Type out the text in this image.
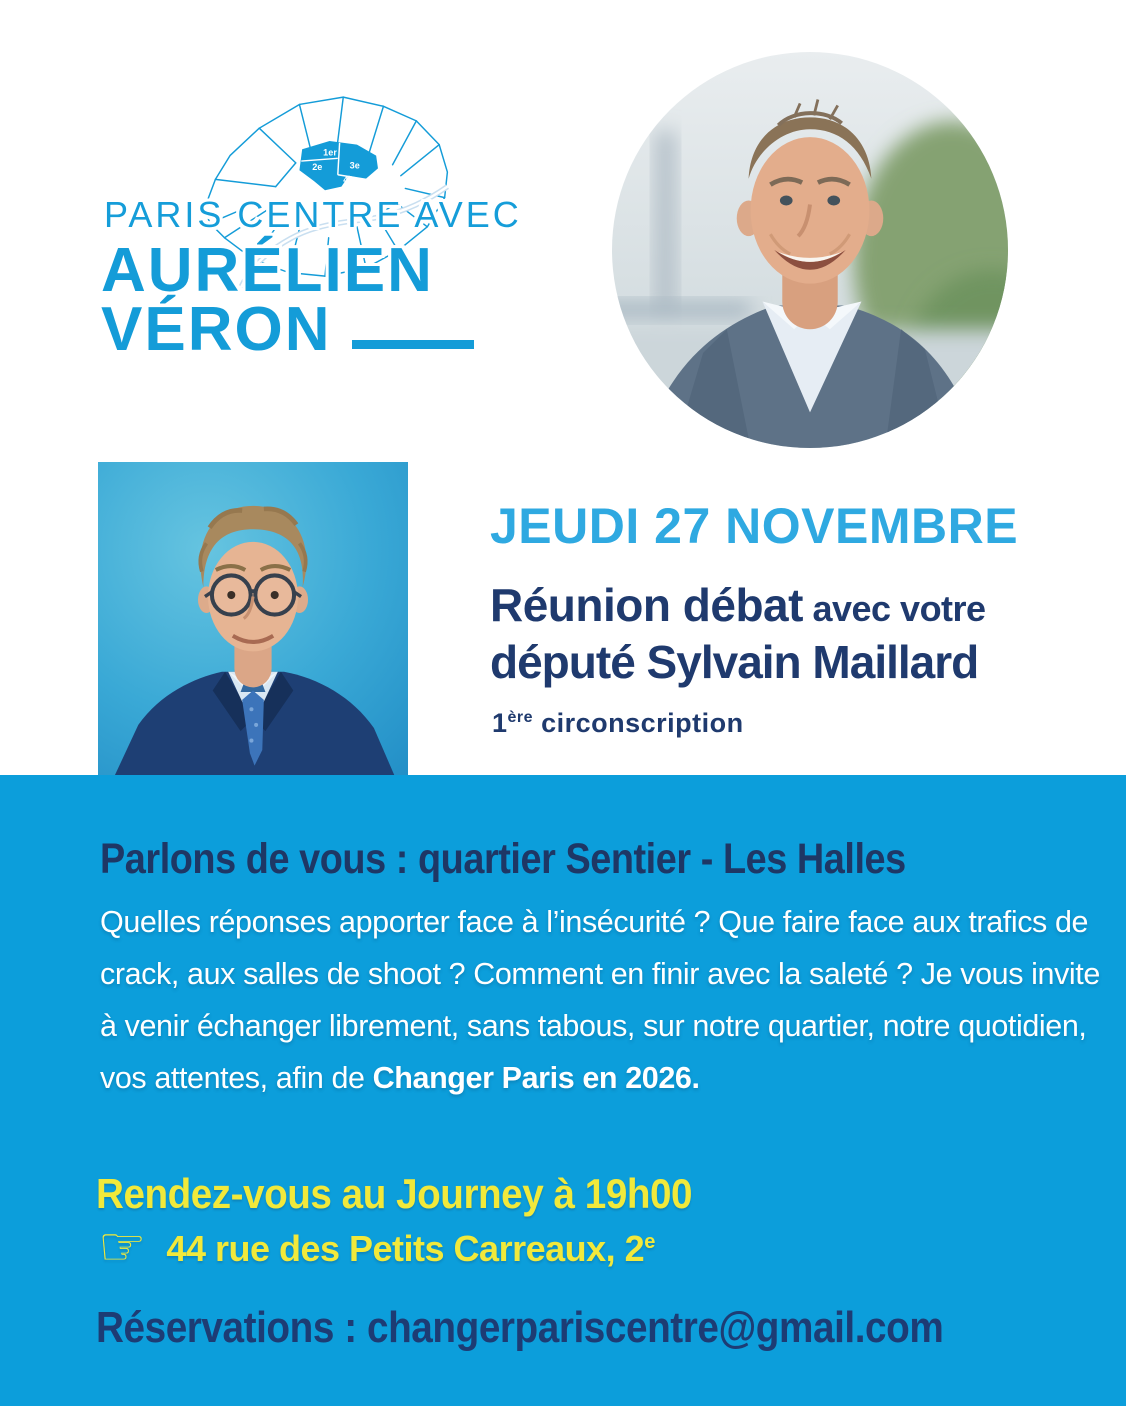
1er
2e	3e
4e
PARIS CENTRE AVEC
AURÉLIEN
VÉRON
JEUDI 27 NOVEMBRE
Réunion débat avec votre
député Sylvain Maillard
1ère circonscription
Parlons de vous : quartier Sentier - Les Halles
Quelles réponses apporter face à l’insécurité ? Que faire face aux trafics de crack, aux salles de shoot ? Comment en finir avec la saleté ? Je vous invite à venir échanger librement, sans tabous, sur notre quartier, notre quotidien, vos attentes, afin de Changer Paris en 2026.
Rendez-vous au Journey à 19h00
☞ 44 rue des Petits Carreaux, 2e
Réservations : changerpariscentre@gmail.com
